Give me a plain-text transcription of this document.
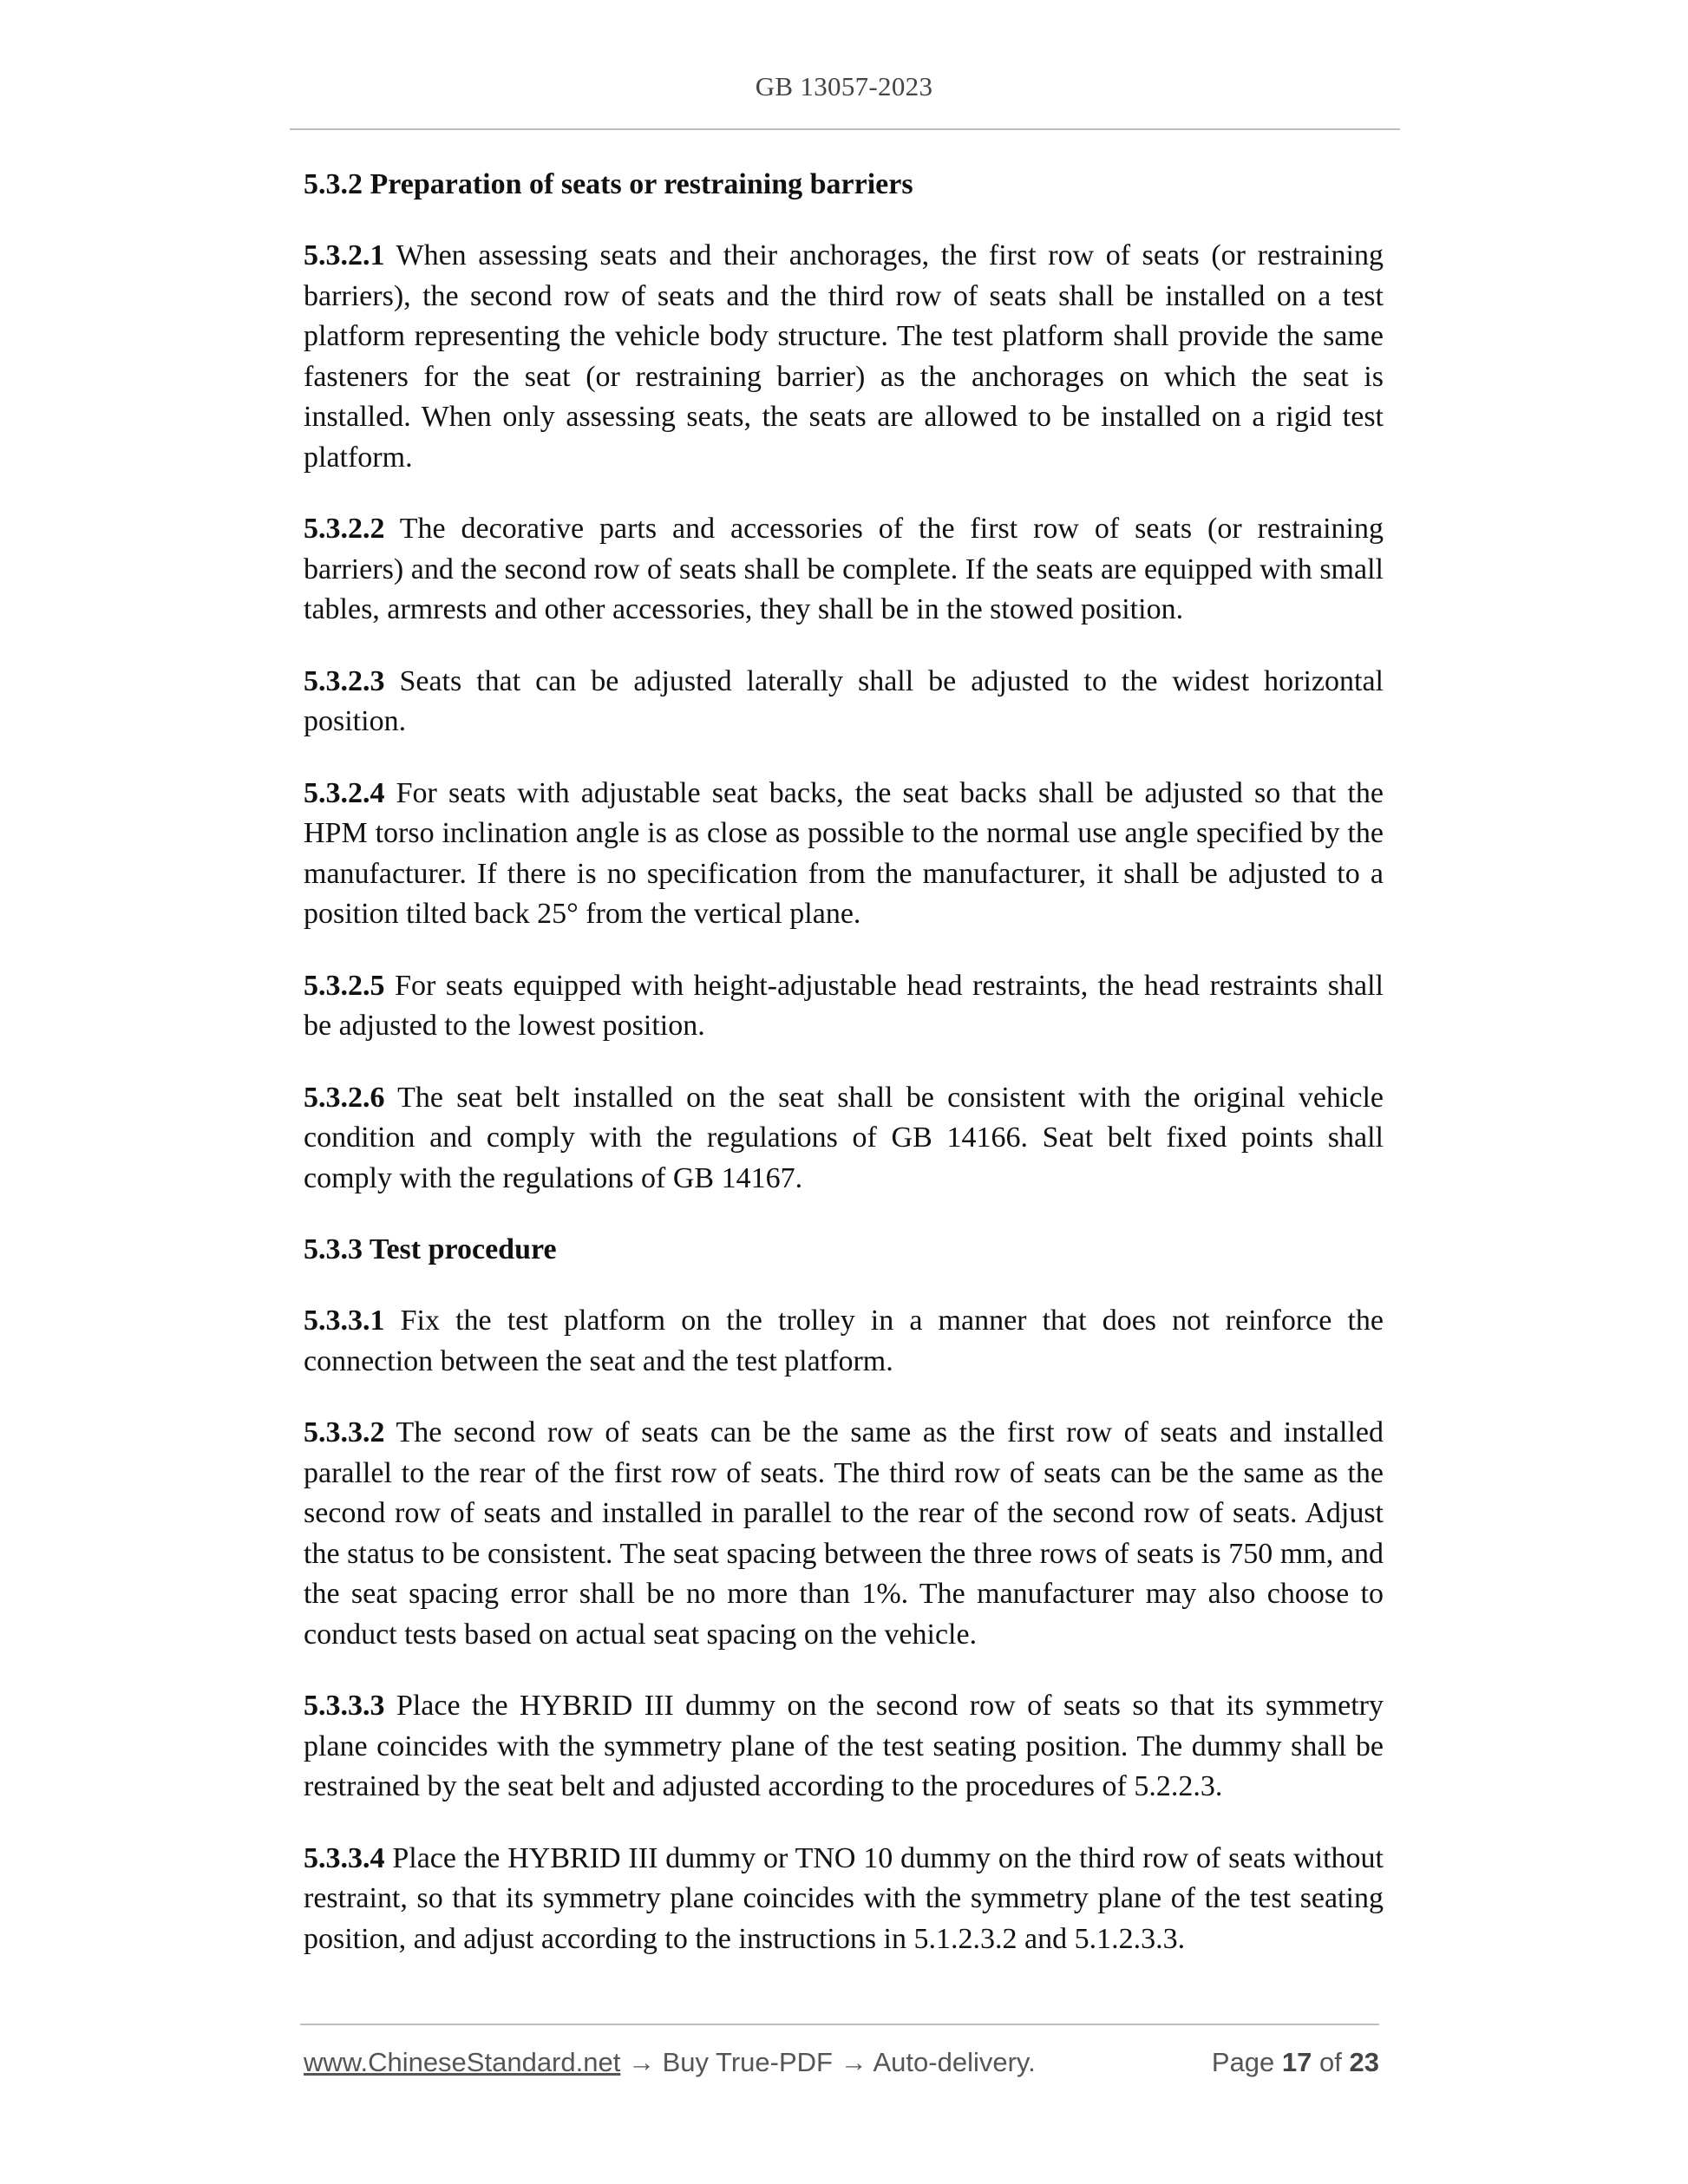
GB 13057-2023
5.3.2 Preparation of seats or restraining barriers

5.3.2.1 When assessing seats and their anchorages, the first row of seats (or restraining barriers), the second row of seats and the third row of seats shall be installed on a test platform representing the vehicle body structure. The test platform shall provide the same fasteners for the seat (or restraining barrier) as the anchorages on which the seat is installed. When only assessing seats, the seats are allowed to be installed on a rigid test platform.

5.3.2.2 The decorative parts and accessories of the first row of seats (or restraining barriers) and the second row of seats shall be complete. If the seats are equipped with small tables, armrests and other accessories, they shall be in the stowed position.

5.3.2.3 Seats that can be adjusted laterally shall be adjusted to the widest horizontal position.

5.3.2.4 For seats with adjustable seat backs, the seat backs shall be adjusted so that the HPM torso inclination angle is as close as possible to the normal use angle specified by the manufacturer. If there is no specification from the manufacturer, it shall be adjusted to a position tilted back 25° from the vertical plane.

5.3.2.5 For seats equipped with height-adjustable head restraints, the head restraints shall be adjusted to the lowest position.

5.3.2.6 The seat belt installed on the seat shall be consistent with the original vehicle condition and comply with the regulations of GB 14166. Seat belt fixed points shall comply with the regulations of GB 14167.

5.3.3 Test procedure

5.3.3.1 Fix the test platform on the trolley in a manner that does not reinforce the connection between the seat and the test platform.

5.3.3.2 The second row of seats can be the same as the first row of seats and installed parallel to the rear of the first row of seats. The third row of seats can be the same as the second row of seats and installed in parallel to the rear of the second row of seats. Adjust the status to be consistent. The seat spacing between the three rows of seats is 750 mm, and the seat spacing error shall be no more than 1%. The manufacturer may also choose to conduct tests based on actual seat spacing on the vehicle.

5.3.3.3 Place the HYBRID III dummy on the second row of seats so that its symmetry plane coincides with the symmetry plane of the test seating position. The dummy shall be restrained by the seat belt and adjusted according to the procedures of 5.2.2.3.

5.3.3.4 Place the HYBRID III dummy or TNO 10 dummy on the third row of seats without restraint, so that its symmetry plane coincides with the symmetry plane of the test seating position, and adjust according to the instructions in 5.1.2.3.2 and 5.1.2.3.3.

www.ChineseStandard.net → Buy True-PDF → Auto-delivery.	Page 17 of 23
